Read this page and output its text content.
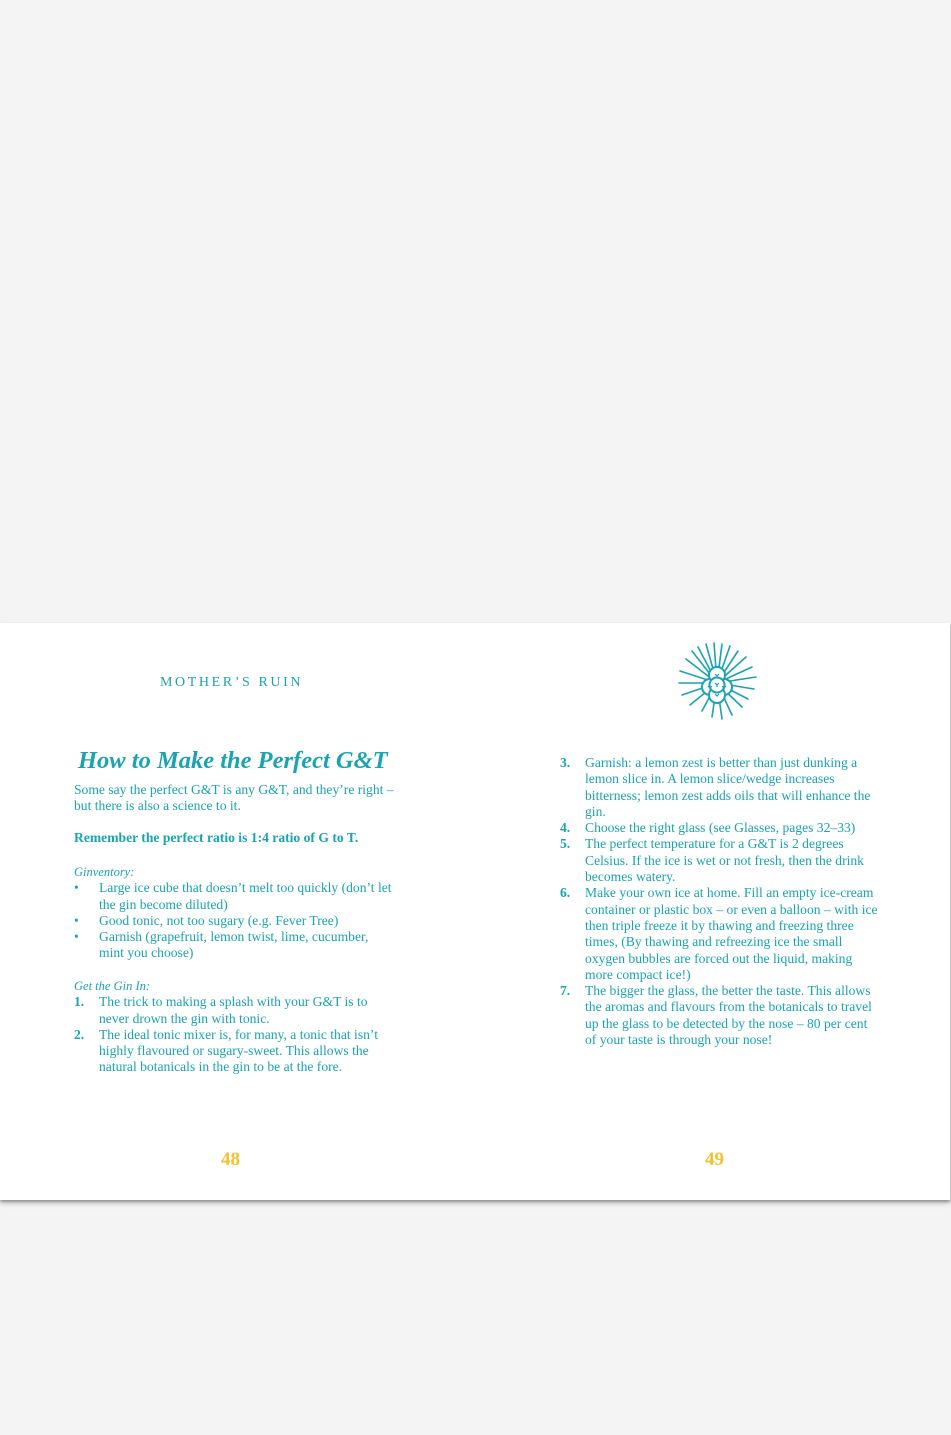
MOTHER’S RUIN
How to Make the Perfect G&T
Some say the perfect G&T is any G&T, and they’re right – but there is also a science to it.
Remember the perfect ratio is 1:4 ratio of G to T.
Ginventory:
•	Large ice cube that doesn’t melt too quickly (don’t let the gin become diluted)
•	Good tonic, not too sugary (e.g. Fever Tree)
•	Garnish (grapefruit, lemon twist, lime, cucumber, mint you choose)
Get the Gin In:
1.	The trick to making a splash with your G&T is to never drown the gin with tonic.
2.	The ideal tonic mixer is, for many, a tonic that isn’t highly flavoured or sugary-sweet. This allows the natural botanicals in the gin to be at the fore.
48
3.	Garnish: a lemon zest is better than just dunking a lemon slice in. A lemon slice/wedge increases bitterness; lemon zest adds oils that will enhance the gin.
4.	Choose the right glass (see Glasses, pages 32–33)
5.	The perfect temperature for a G&T is 2 degrees Celsius. If the ice is wet or not fresh, then the drink becomes watery.
6.	Make your own ice at home. Fill an empty ice-cream container or plastic box – or even a balloon – with ice then triple freeze it by thawing and freezing three times, (By thawing and refreezing ice the small oxygen bubbles are forced out the liquid, making more compact ice!)
7.	The bigger the glass, the better the taste. This allows the aromas and flavours from the botanicals to travel up the glass to be detected by the nose – 80 per cent of your taste is through your nose!
49
